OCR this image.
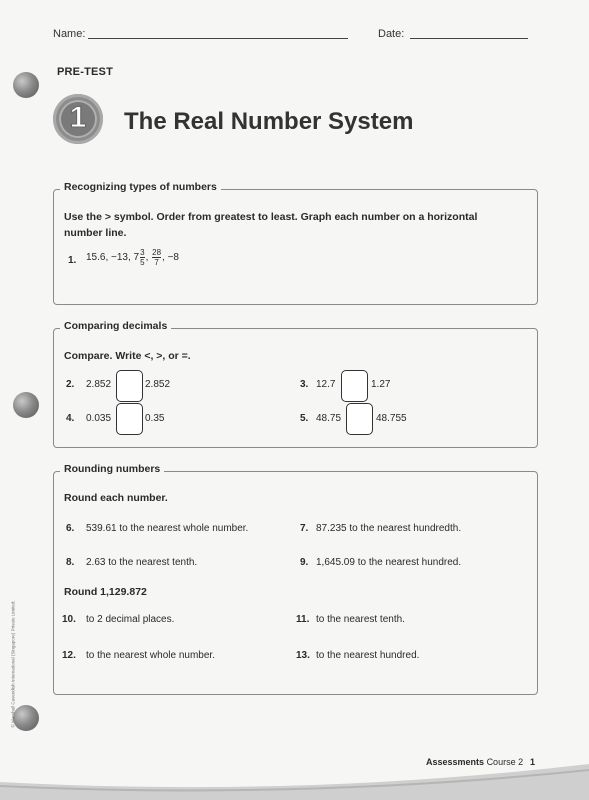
© Marshall Cavendish International (Singapore) Private Limited.
Name:	Date:
PRE-TEST
1	The Real Number System
Recognizing types of numbers
Use the > symbol. Order from greatest to least. Graph each number on a horizontal number line.
1. 15.6, −13, $7 \frac{3}{5}$ , $\frac{28}{7}$ , −8
Comparing decimals
Compare. Write <, >, or =.
2. 2.852	2.852	3. 12.7	1.27
4. 0.035	0.35	5. 48.75	48.755
Rounding numbers
Round each number.
6. 539.61 to the nearest whole number.	7. 87.235 to the nearest hundredth.
8. 2.63 to the nearest tenth.	9. 1,645.09 to the nearest hundred.
Round 1,129.872
10. to 2 decimal places.	11. to the nearest tenth.
12. to the nearest whole number.	13. to the nearest hundred.
Assessments Course 2 1
